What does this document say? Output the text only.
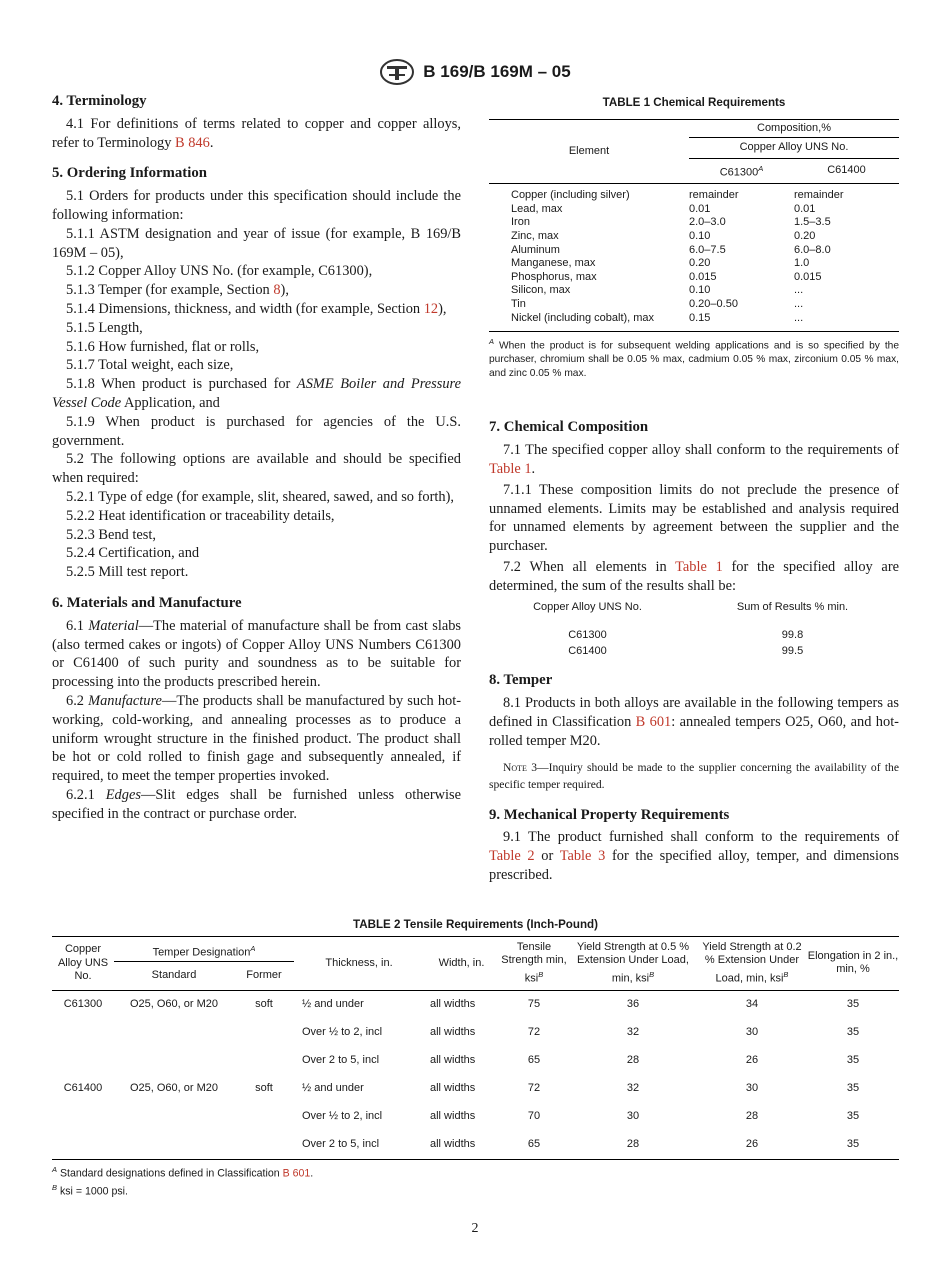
B 169/B 169M – 05
4. Terminology

4.1 For definitions of terms related to copper and copper alloys, refer to Terminology B 846.

5. Ordering Information

5.1 Orders for products under this specification should include the following information:

5.1.1 ASTM designation and year of issue (for example, B 169/B 169M – 05),

5.1.2 Copper Alloy UNS No. (for example, C61300),

5.1.3 Temper (for example, Section 8),

5.1.4 Dimensions, thickness, and width (for example, Section 12),

5.1.5 Length,

5.1.6 How furnished, flat or rolls,

5.1.7 Total weight, each size,

5.1.8 When product is purchased for ASME Boiler and Pressure Vessel Code Application, and

5.1.9 When product is purchased for agencies of the U.S. government.

5.2 The following options are available and should be specified when required:

5.2.1 Type of edge (for example, slit, sheared, sawed, and so forth),

5.2.2 Heat identification or traceability details,

5.2.3 Bend test,

5.2.4 Certification, and

5.2.5 Mill test report.

6. Materials and Manufacture

6.1 Material—The material of manufacture shall be from cast slabs (also termed cakes or ingots) of Copper Alloy UNS Numbers C61300 or C61400 of such purity and soundness as to be suitable for processing into the products prescribed herein.

6.2 Manufacture—The products shall be manufactured by such hot-working, cold-working, and annealing processes as to produce a uniform wrought structure in the finished product. The product shall be hot or cold rolled to finish gage and subsequently annealed, if required, to meet the temper properties invoked.

6.2.1 Edges—Slit edges shall be furnished unless otherwise specified in the contract or purchase order.

TABLE 1 Chemical Requirements
Element	Composition,%	
	Copper Alloy UNS No.	
	$C61300^A$	C61400
Copper (including silver)	remainder	remainder
Lead, max	0.01	0.01
Iron	2.0–3.0	1.5–3.5
Zinc, max	0.10	0.20
Aluminum	6.0–7.5	6.0–8.0
Manganese, max	0.20	1.0
Phosphorus, max	0.015	0.015
Silicon, max	0.10	...
Tin	0.20–0.50	...
Nickel (including cobalt), max	0.15	...
$^A$ When the product is for subsequent welding applications and is so specified by the purchaser, chromium shall be 0.05 % max, cadmium 0.05 % max, zirconium 0.05 % max, and zinc 0.05 % max.
7. Chemical Composition

7.1 The specified copper alloy shall conform to the requirements of Table 1.

7.1.1 These composition limits do not preclude the presence of unnamed elements. Limits may be established and analysis required for unnamed elements by agreement between the supplier and the purchaser.

7.2 When all elements in Table 1 for the specified alloy are determined, the sum of the results shall be:

Copper Alloy UNS No.	Sum of Results % min.
C61300	99.8
C61400	99.5
8. Temper

8.1 Products in both alloys are available in the following tempers as defined in Classification B 601: annealed tempers O25, O60, and hot-rolled temper M20.

Note 3—Inquiry should be made to the supplier concerning the availability of the specific temper required.

9. Mechanical Property Requirements

9.1 The product furnished shall conform to the requirements of Table 2 or Table 3 for the specified alloy, temper, and dimensions prescribed.

TABLE 2 Tensile Requirements (Inch-Pound)
Copper Alloy UNS No.	Temper Designation$^A$		Thickness, in.	Width, in.	Tensile Strength min, ksi$^B$	Yield Strength at 0.5 % Extension Under Load, min, ksi$^B$	Yield Strength at 0.2 % Extension Under Load, min, ksi$^B$	Elongation in 2 in., min, %
	Standard	Former						
C61300	O25, O60, or M20	soft	½ and under	all widths	75	36	34	35
			Over ½ to 2, incl	all widths	72	32	30	35
			Over 2 to 5, incl	all widths	65	28	26	35
C61400	O25, O60, or M20	soft	½ and under	all widths	72	32	30	35
			Over ½ to 2, incl	all widths	70	30	28	35
			Over 2 to 5, incl	all widths	65	28	26	35
$^A$ Standard designations defined in Classification B 601.
$^B$ ksi = 1000 psi.
2
